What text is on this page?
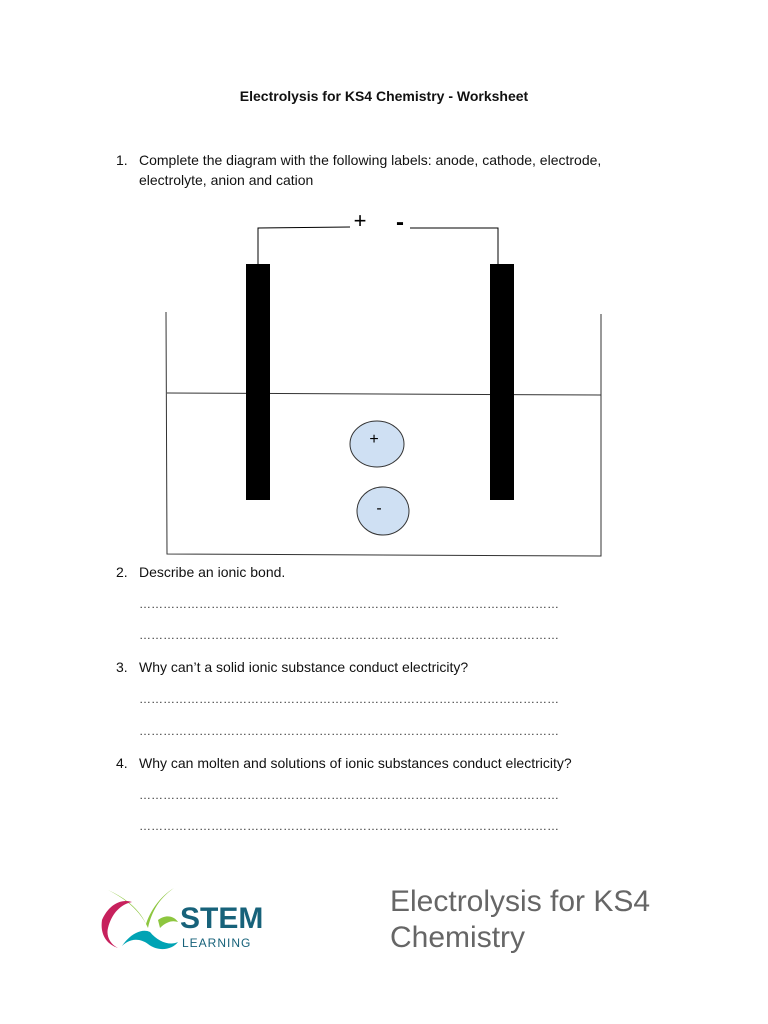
Electrolysis for KS4 Chemistry - Worksheet
1. Complete the diagram with the following labels: anode, cathode, electrode,
electrolyte, anion and cation
+ -
+
-
2. Describe an ionic bond.
……………………………………………………………………………………………
……………………………………………………………………………………………
3. Why can’t a solid ionic substance conduct electricity?
……………………………………………………………………………………………
……………………………………………………………………………………………
4. Why can molten and solutions of ionic substances conduct electricity?
……………………………………………………………………………………………
……………………………………………………………………………………………
STEM
LEARNING
Electrolysis for KS4
Chemistry
